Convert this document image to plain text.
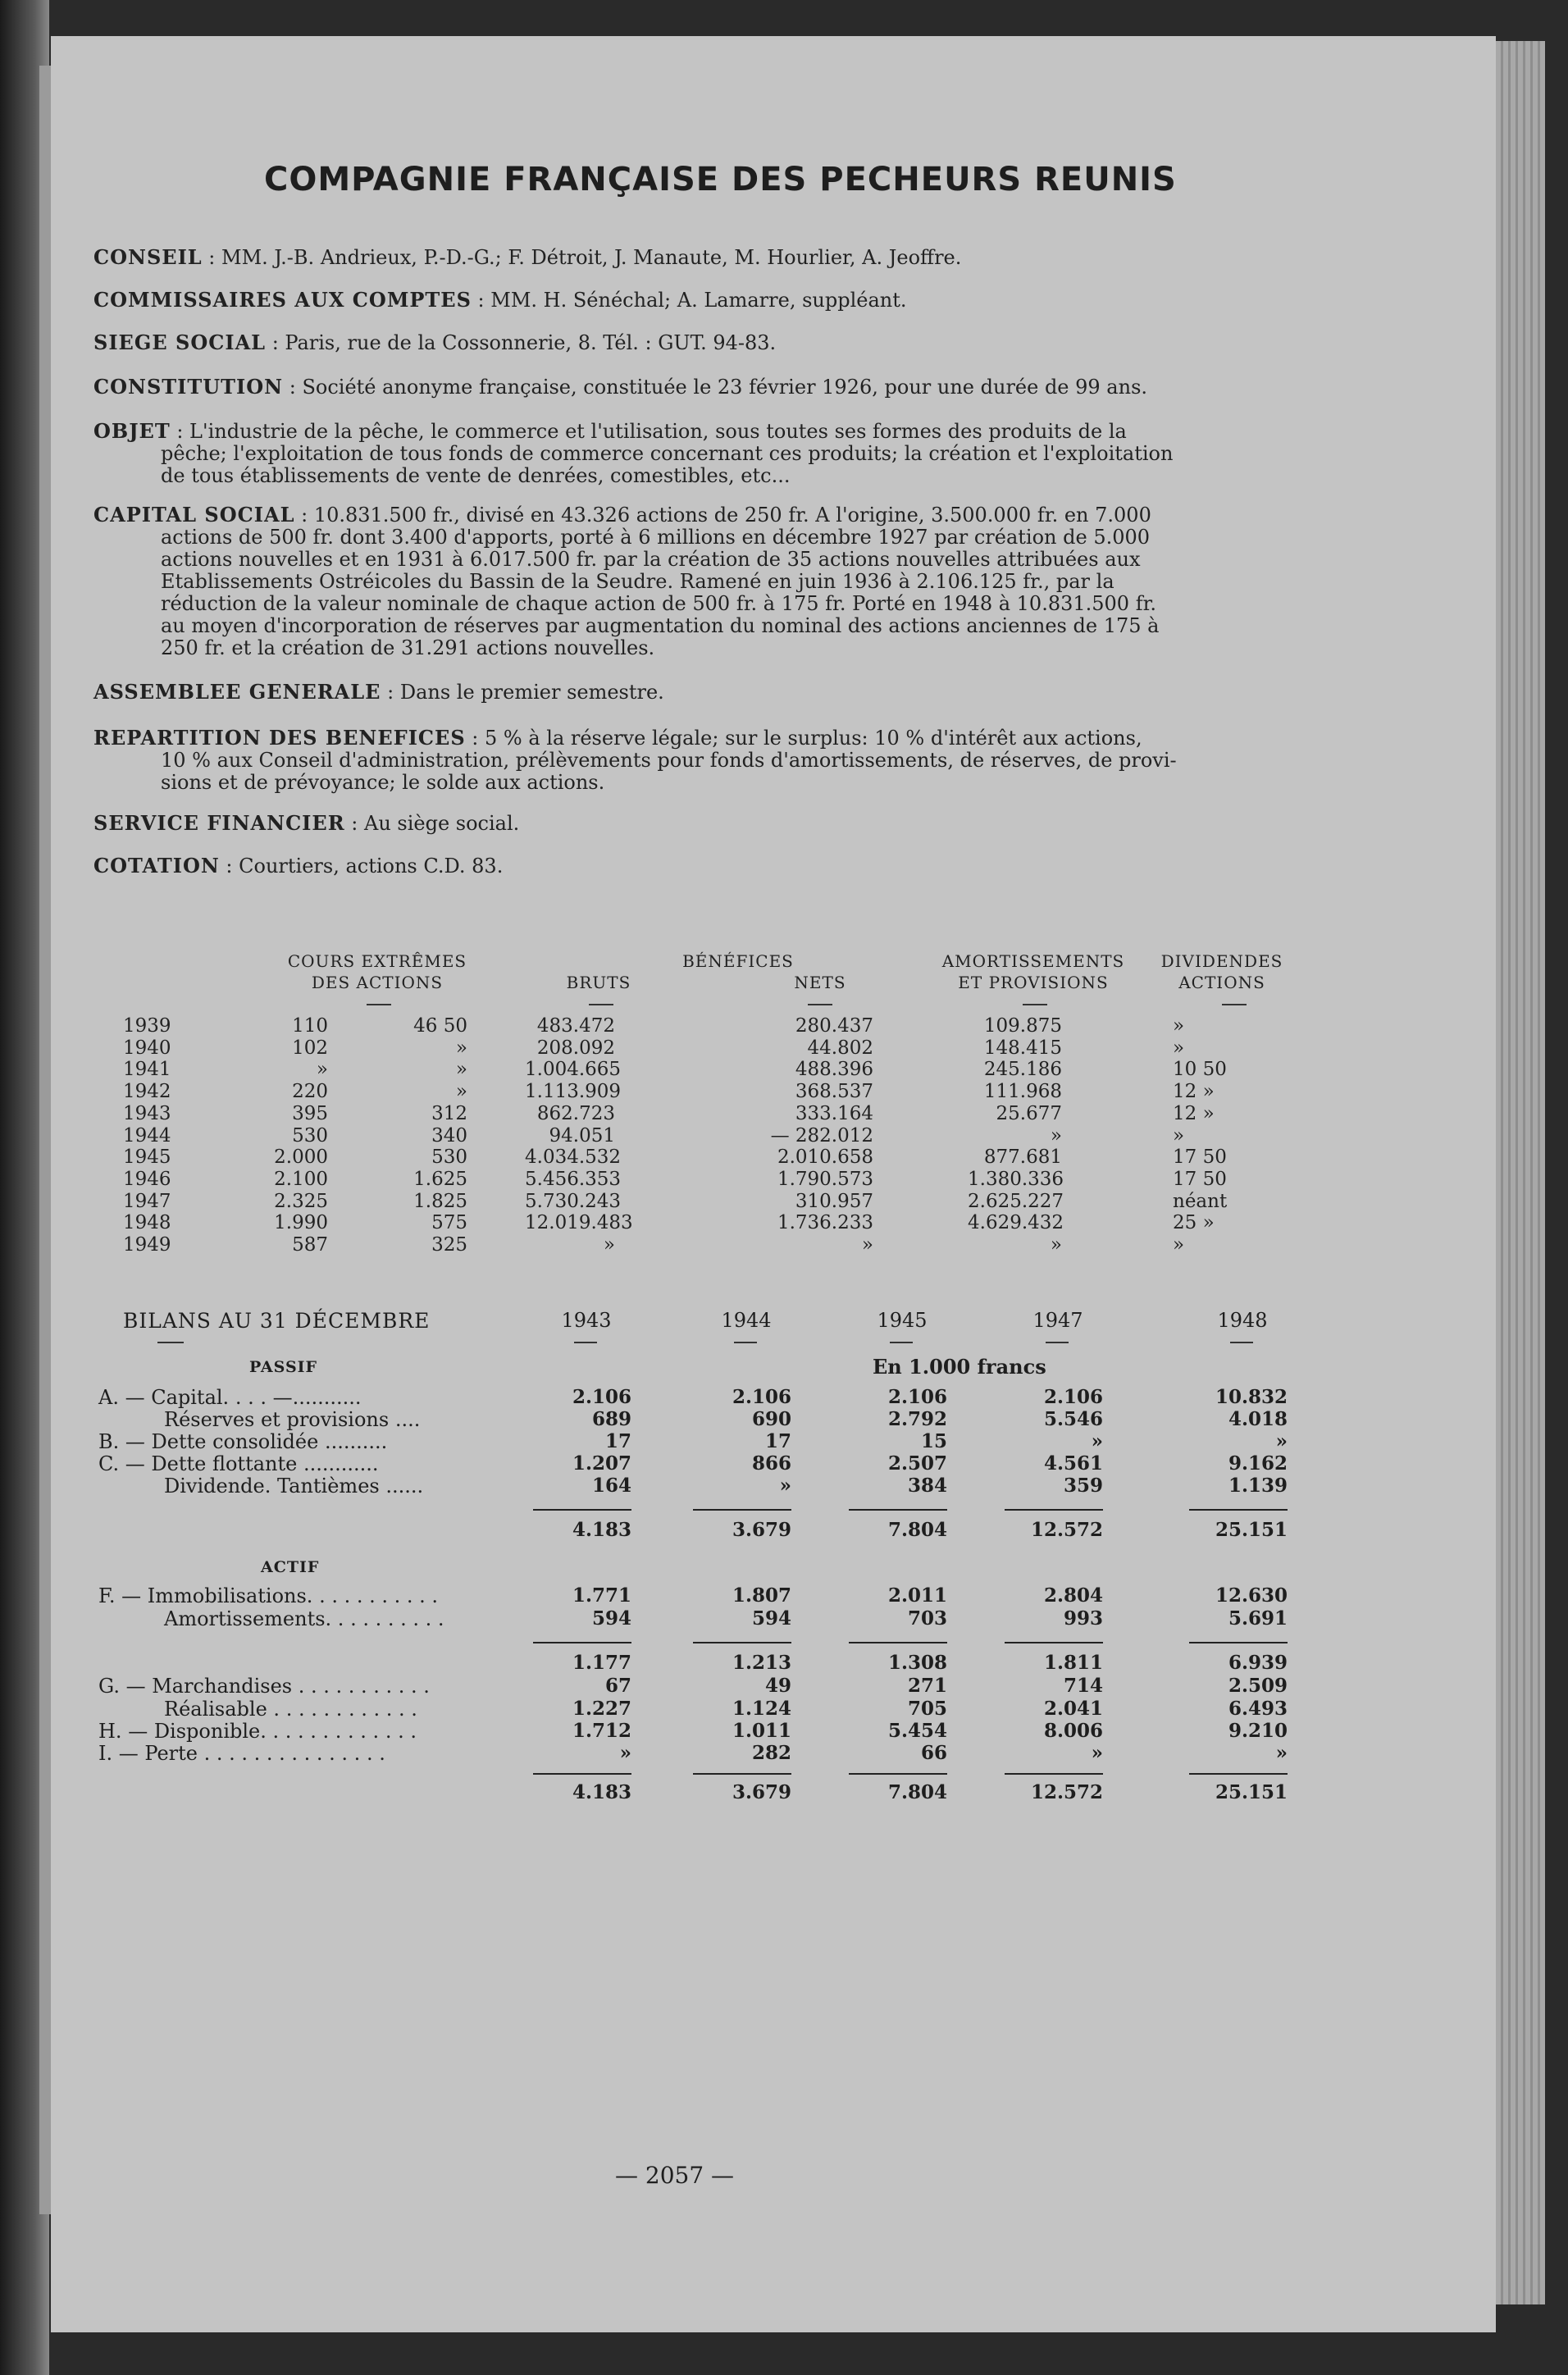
COMPAGNIE FRANÇAISE DES PECHEURS REUNIS
— 2057 —
CONSEIL : MM. J.-B. Andrieux, P.-D.-G.; F. Détroit, J. Manaute, M. Hourlier, A. Jeoffre.
COMMISSAIRES AUX COMPTES : MM. H. Sénéchal; A. Lamarre, suppléant.
SIEGE SOCIAL : Paris, rue de la Cossonnerie, 8. Tél. : GUT. 94-83.
CONSTITUTION : Société anonyme française, constituée le 23 février 1926, pour une durée de 99 ans.
OBJET : L'industrie de la pêche, le commerce et l'utilisation, sous toutes ses formes des produits de la
pêche; l'exploitation de tous fonds de commerce concernant ces produits; la création et l'exploitation
de tous établissements de vente de denrées, comestibles, etc...
CAPITAL SOCIAL : 10.831.500 fr., divisé en 43.326 actions de 250 fr. A l'origine, 3.500.000 fr. en 7.000
actions de 500 fr. dont 3.400 d'apports, porté à 6 millions en décembre 1927 par création de 5.000
actions nouvelles et en 1931 à 6.017.500 fr. par la création de 35 actions nouvelles attribuées aux
Etablissements Ostréicoles du Bassin de la Seudre. Ramené en juin 1936 à 2.106.125 fr., par la
réduction de la valeur nominale de chaque action de 500 fr. à 175 fr. Porté en 1948 à 10.831.500 fr.
au moyen d'incorporation de réserves par augmentation du nominal des actions anciennes de 175 à
250 fr. et la création de 31.291 actions nouvelles.
ASSEMBLEE GENERALE : Dans le premier semestre.
REPARTITION DES BENEFICES : 5 % à la réserve légale; sur le surplus: 10 % d'intérêt aux actions,
10 % aux Conseil d'administration, prélèvements pour fonds d'amortissements, de réserves, de provi-
sions et de prévoyance; le solde aux actions.
SERVICE FINANCIER : Au siège social.
COTATION : Courtiers, actions C.D. 83.
COURS EXTRÊMES
DES ACTIONS
BÉNÉFICES
BRUTS	NETS
AMORTISSEMENTS
ET PROVISIONS
DIVIDENDES
ACTIONS
1939	110	46 50	483.472	280.437	109.875	»
1940	102	»	208.092	44.802	148.415	»
1941	»	»	1.004.665	488.396	245.186	10 50
1942	220	»	1.113.909	368.537	111.968	12 »
1943	395	312	862.723	333.164	25.677	12 »
1944	530	340	94.051	— 282.012	»	»
1945	2.000	530	4.034.532	2.010.658	877.681	17 50
1946	2.100	1.625	5.456.353	1.790.573	1.380.336	17 50
1947	2.325	1.825	5.730.243	310.957	2.625.227	néant
1948	1.990	575	12.019.483	1.736.233	4.629.432	25 »
1949	587	325	»	»	»	»
BILANS AU 31 DÉCEMBRE	1943	1944	1945	1947	1948
En 1.000 francs
PASSIF
A. — Capital. . . . —...........	2.106	2.106	2.106	2.106	10.832
Réserves et provisions ....	689	690	2.792	5.546	4.018
B. — Dette consolidée ..........	17	17	15	»	»
C. — Dette flottante ............	1.207	866	2.507	4.561	9.162
Dividende. Tantièmes ......	164	»	384	359	1.139
4.183	3.679	7.804	12.572	25.151
ACTIF
F. — Immobilisations. . . . . . . . . . .	1.771	1.807	2.011	2.804	12.630
Amortissements. . . . . . . . . .	594	594	703	993	5.691
1.177	1.213	1.308	1.811	6.939
G. — Marchandises . . . . . . . . . . .	67	49	271	714	2.509
Réalisable . . . . . . . . . . . .	1.227	1.124	705	2.041	6.493
H. — Disponible. . . . . . . . . . . . .	1.712	1.011	5.454	8.006	9.210
I. — Perte . . . . . . . . . . . . . . .	»	282	66	»	»
4.183	3.679	7.804	12.572	25.151
